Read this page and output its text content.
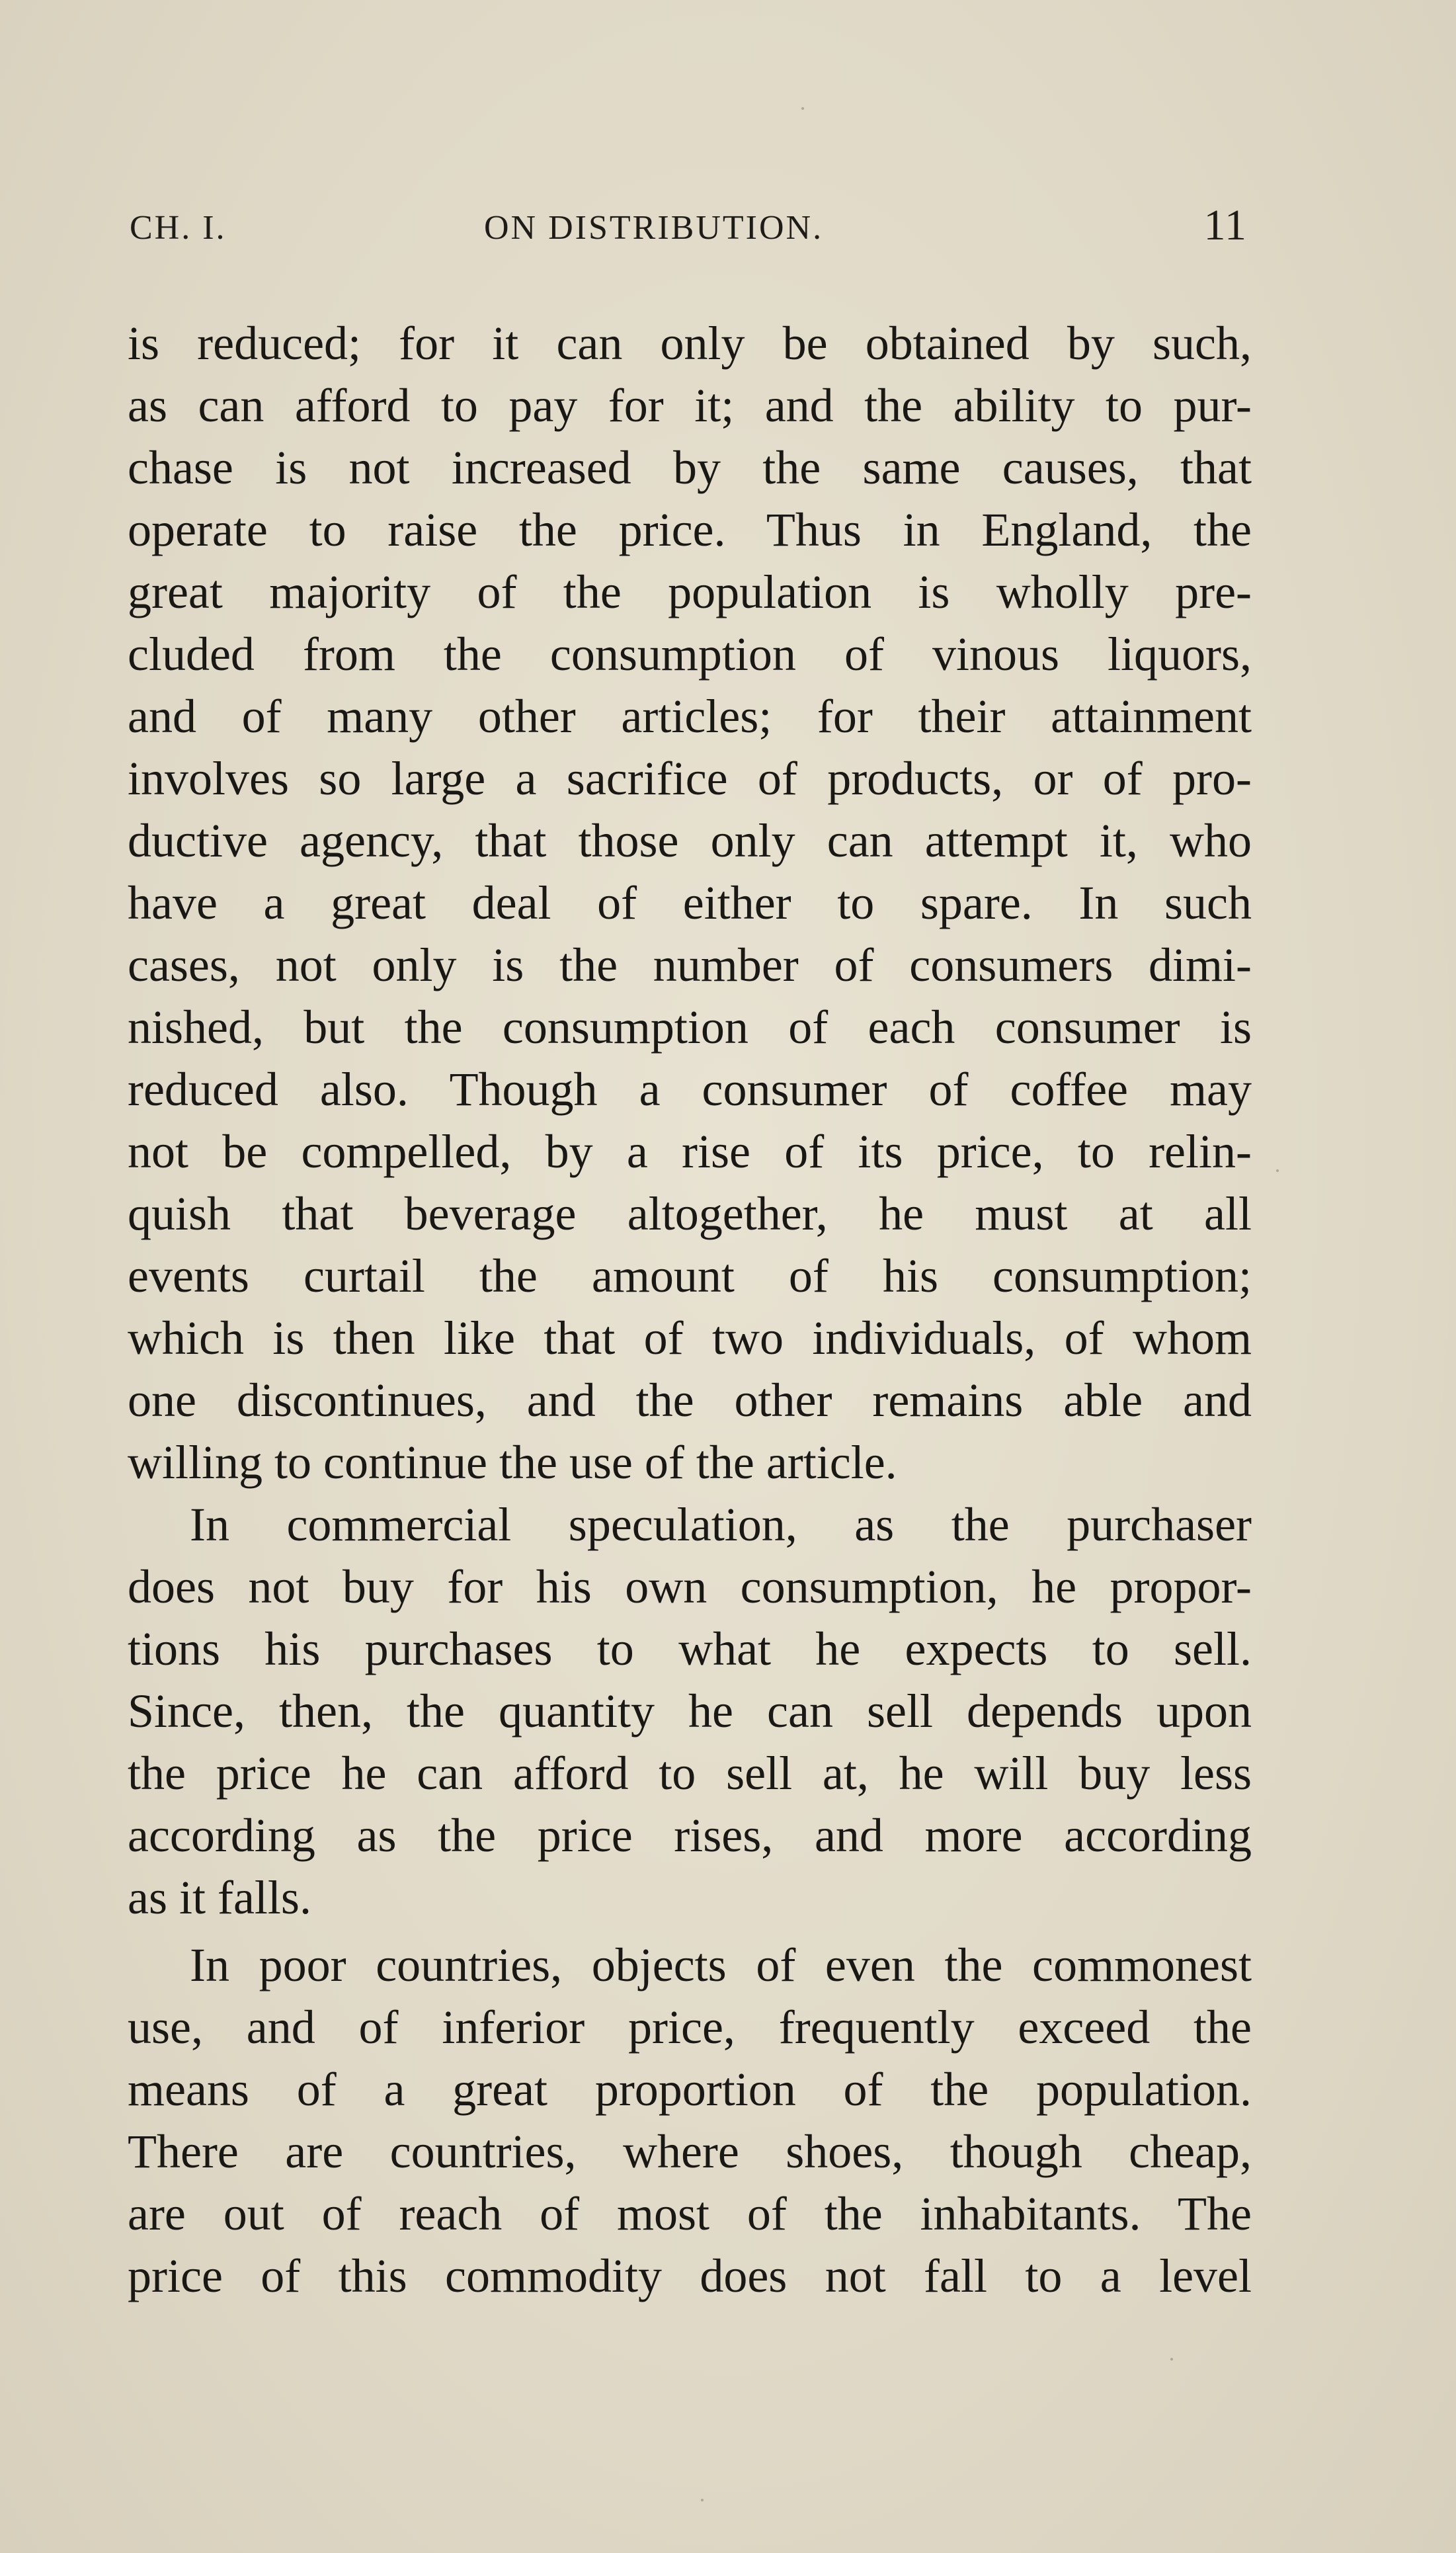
CH. I.	ON DISTRIBUTION.	11
is reduced; for it can only be obtained by such,
as can afford to pay for it; and the ability to pur-
chase is not increased by the same causes, that
operate to raise the price. Thus in England, the
great majority of the population is wholly pre-
cluded from the consumption of vinous liquors,
and of many other articles; for their attainment
involves so large a sacrifice of products, or of pro-
ductive agency, that those only can attempt it, who
have a great deal of either to spare. In such
cases, not only is the number of consumers dimi-
nished, but the consumption of each consumer is
reduced also. Though a consumer of coffee may
not be compelled, by a rise of its price, to relin-
quish that beverage altogether, he must at all
events curtail the amount of his consumption;
which is then like that of two individuals, of whom
one discontinues, and the other remains able and
willing to continue the use of the article.
In commercial speculation, as the purchaser
does not buy for his own consumption, he propor-
tions his purchases to what he expects to sell.
Since, then, the quantity he can sell depends upon
the price he can afford to sell at, he will buy less
according as the price rises, and more according
as it falls.
In poor countries, objects of even the commonest
use, and of inferior price, frequently exceed the
means of a great proportion of the population.
There are countries, where shoes, though cheap,
are out of reach of most of the inhabitants. The
price of this commodity does not fall to a level
